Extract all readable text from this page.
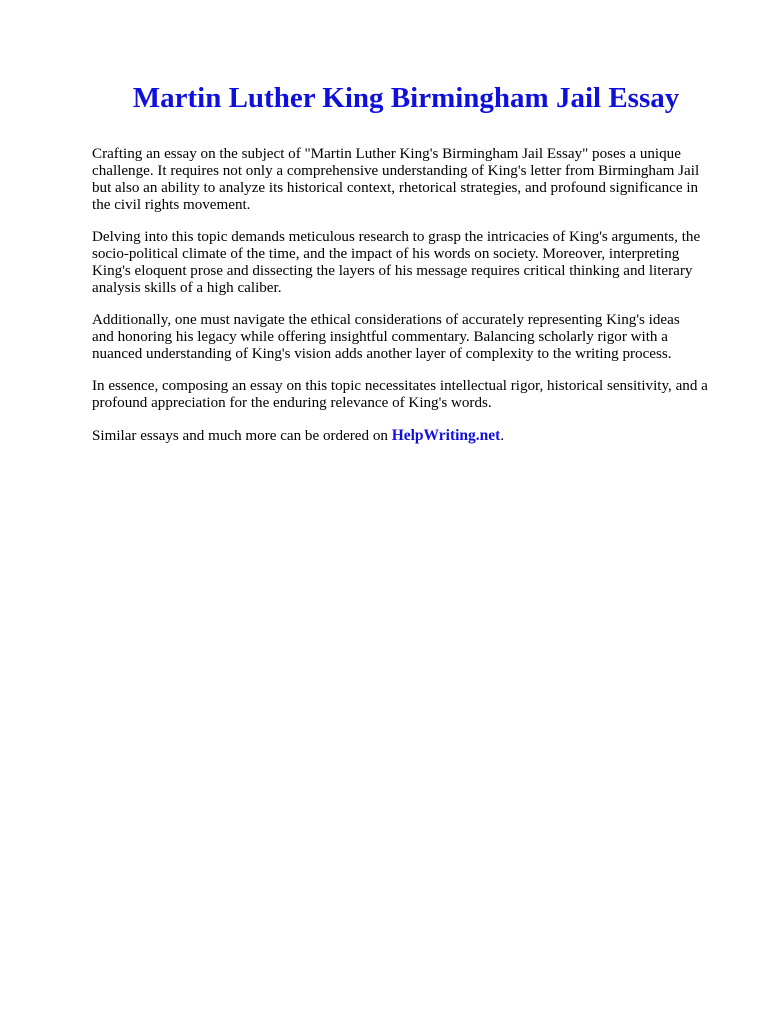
Martin Luther King Birmingham Jail Essay

Crafting an essay on the subject of "Martin Luther King's Birmingham Jail Essay" poses a unique
challenge. It requires not only a comprehensive understanding of King's letter from Birmingham Jail
but also an ability to analyze its historical context, rhetorical strategies, and profound significance in
the civil rights movement.

Delving into this topic demands meticulous research to grasp the intricacies of King's arguments, the
socio-political climate of the time, and the impact of his words on society. Moreover, interpreting
King's eloquent prose and dissecting the layers of his message requires critical thinking and literary
analysis skills of a high caliber.

Additionally, one must navigate the ethical considerations of accurately representing King's ideas
and honoring his legacy while offering insightful commentary. Balancing scholarly rigor with a
nuanced understanding of King's vision adds another layer of complexity to the writing process.

In essence, composing an essay on this topic necessitates intellectual rigor, historical sensitivity, and a
profound appreciation for the enduring relevance of King's words.

Similar essays and much more can be ordered on HelpWriting.net.
